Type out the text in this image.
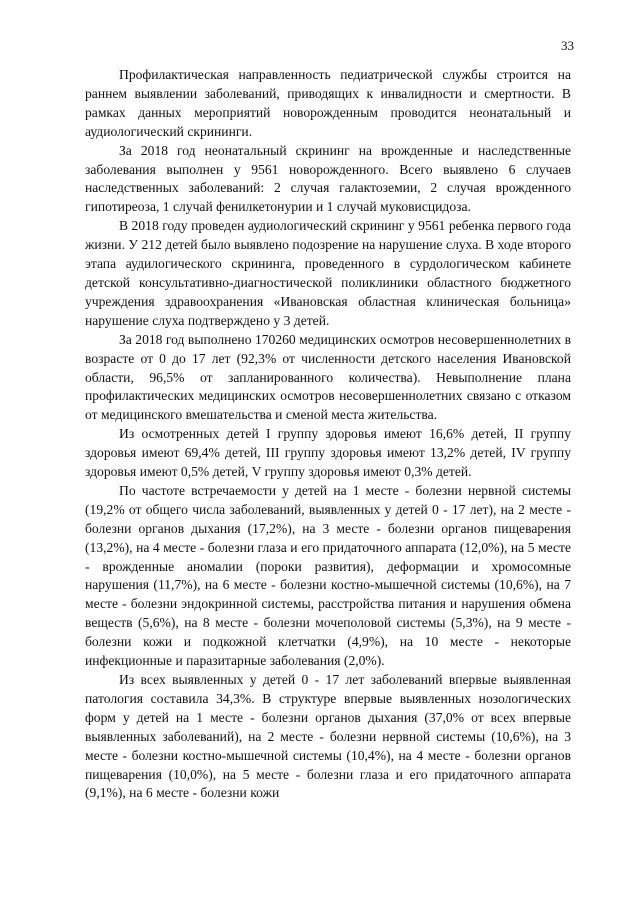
33

Профилактическая направленность педиатрической службы строится на раннем выявлении заболеваний, приводящих к инвалидности и смертности. В рамках данных мероприятий новорожденным проводится неонатальный и аудиологический скрининги.

За 2018 год неонатальный скрининг на врожденные и наследственные заболевания выполнен у 9561 новорожденного. Всего выявлено 6 случаев наследственных заболеваний: 2 случая галактоземии, 2 случая врожденного гипотиреоза, 1 случай фенилкетонурии и 1 случай муковисцидоза.

В 2018 году проведен аудиологический скрининг у 9561 ребенка первого года жизни. У 212 детей было выявлено подозрение на нарушение слуха. В ходе второго этапа аудилогического скрининга, проведенного в сурдологическом кабинете детской консультативно-диагностической поликлиники областного бюджетного учреждения здравоохранения «Ивановская областная клиническая больница» нарушение слуха подтверждено у 3 детей.

За 2018 год выполнено 170260 медицинских осмотров несовершеннолетних в возрасте от 0 до 17 лет (92,3% от численности детского населения Ивановской области, 96,5% от запланированного количества). Невыполнение плана профилактических медицинских осмотров несовершеннолетних связано с отказом от медицинского вмешательства и сменой места жительства.

Из осмотренных детей I группу здоровья имеют 16,6% детей, II группу здоровья имеют 69,4% детей, III группу здоровья имеют 13,2% детей, IV группу здоровья имеют 0,5% детей, V группу здоровья имеют 0,3% детей.

По частоте встречаемости у детей на 1 месте - болезни нервной системы (19,2% от общего числа заболеваний, выявленных у детей 0 - 17 лет), на 2 месте - болезни органов дыхания (17,2%), на 3 месте - болезни органов пищеварения (13,2%), на 4 месте - болезни глаза и его придаточного аппарата (12,0%), на 5 месте - врожденные аномалии (пороки развития), деформации и хромосомные нарушения (11,7%), на 6 месте - болезни костно-мышечной системы (10,6%), на 7 месте - болезни эндокринной системы, расстройства питания и нарушения обмена веществ (5,6%), на 8 месте - болезни мочеполовой системы (5,3%), на 9 месте - болезни кожи и подкожной клетчатки (4,9%), на 10 месте - некоторые инфекционные и паразитарные заболевания (2,0%).

Из всех выявленных у детей 0 - 17 лет заболеваний впервые выявленная патология составила 34,3%. В структуре впервые выявленных нозологических форм у детей на 1 месте - болезни органов дыхания (37,0% от всех впервые выявленных заболеваний), на 2 месте - болезни нервной системы (10,6%), на 3 месте - болезни костно-мышечной системы (10,4%), на 4 месте - болезни органов пищеварения (10,0%), на 5 месте - болезни глаза и его придаточного аппарата (9,1%), на 6 месте - болезни кожи
